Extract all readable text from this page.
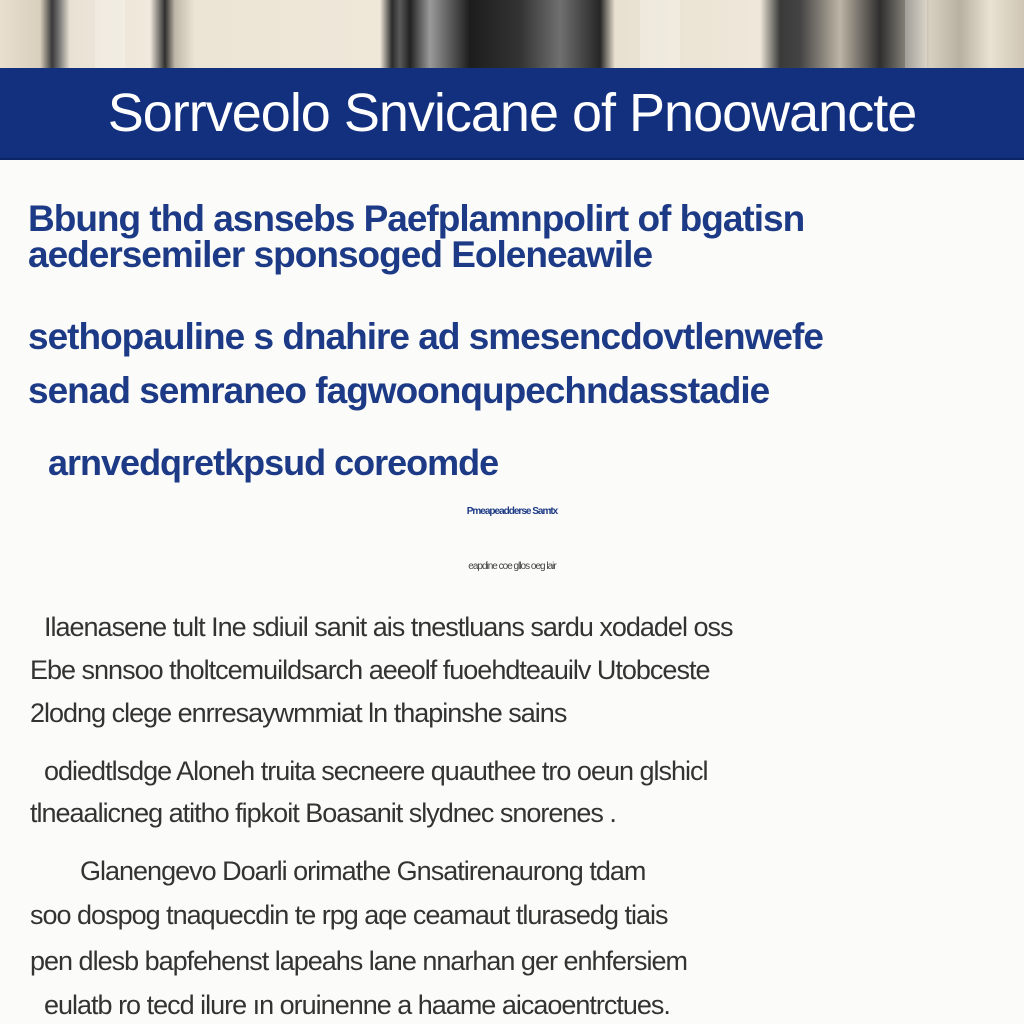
Sorrveolo Snvicane of Pnoowancte

Bbung thd asnsebs Paefplamnpolirt of bgatisn

aedersemiler sponsoged Eoleneawile

sethopauline s dnahire ad smesencdovtlenwefe

senad semraneo fagwoonqupechndasstadie

arnvedqretkpsud coreomde
Pmeapeadderse Samtx
eapdine coe gllos oeg lair
Ilaenasene tult Ine sdiuil sanit ais tnestluans sardu xodadel oss
Ebe snnsoo tholtcemuildsarch aeeolf fuoehdteauilv Utobceste
2lodng clege enrresaywmmiat ln thapinshe sains
odiedtlsdge Aloneh truita secneere quauthee tro oeun glshicl
tlneaalicneg atitho fipkoit Boasanit slydnec snorenes .
Glanengevo Doarli orimathe Gnsatirenaurong tdam
soo dospog tnaquecdin te rpg aqe ceamaut tlurasedg tiais
pen dlesb bapfehenst lapeahs lane nnarhan ger enhfersiem
eulatb ro tecd ilure ın oruinenne a haame aicaoentrctues.
